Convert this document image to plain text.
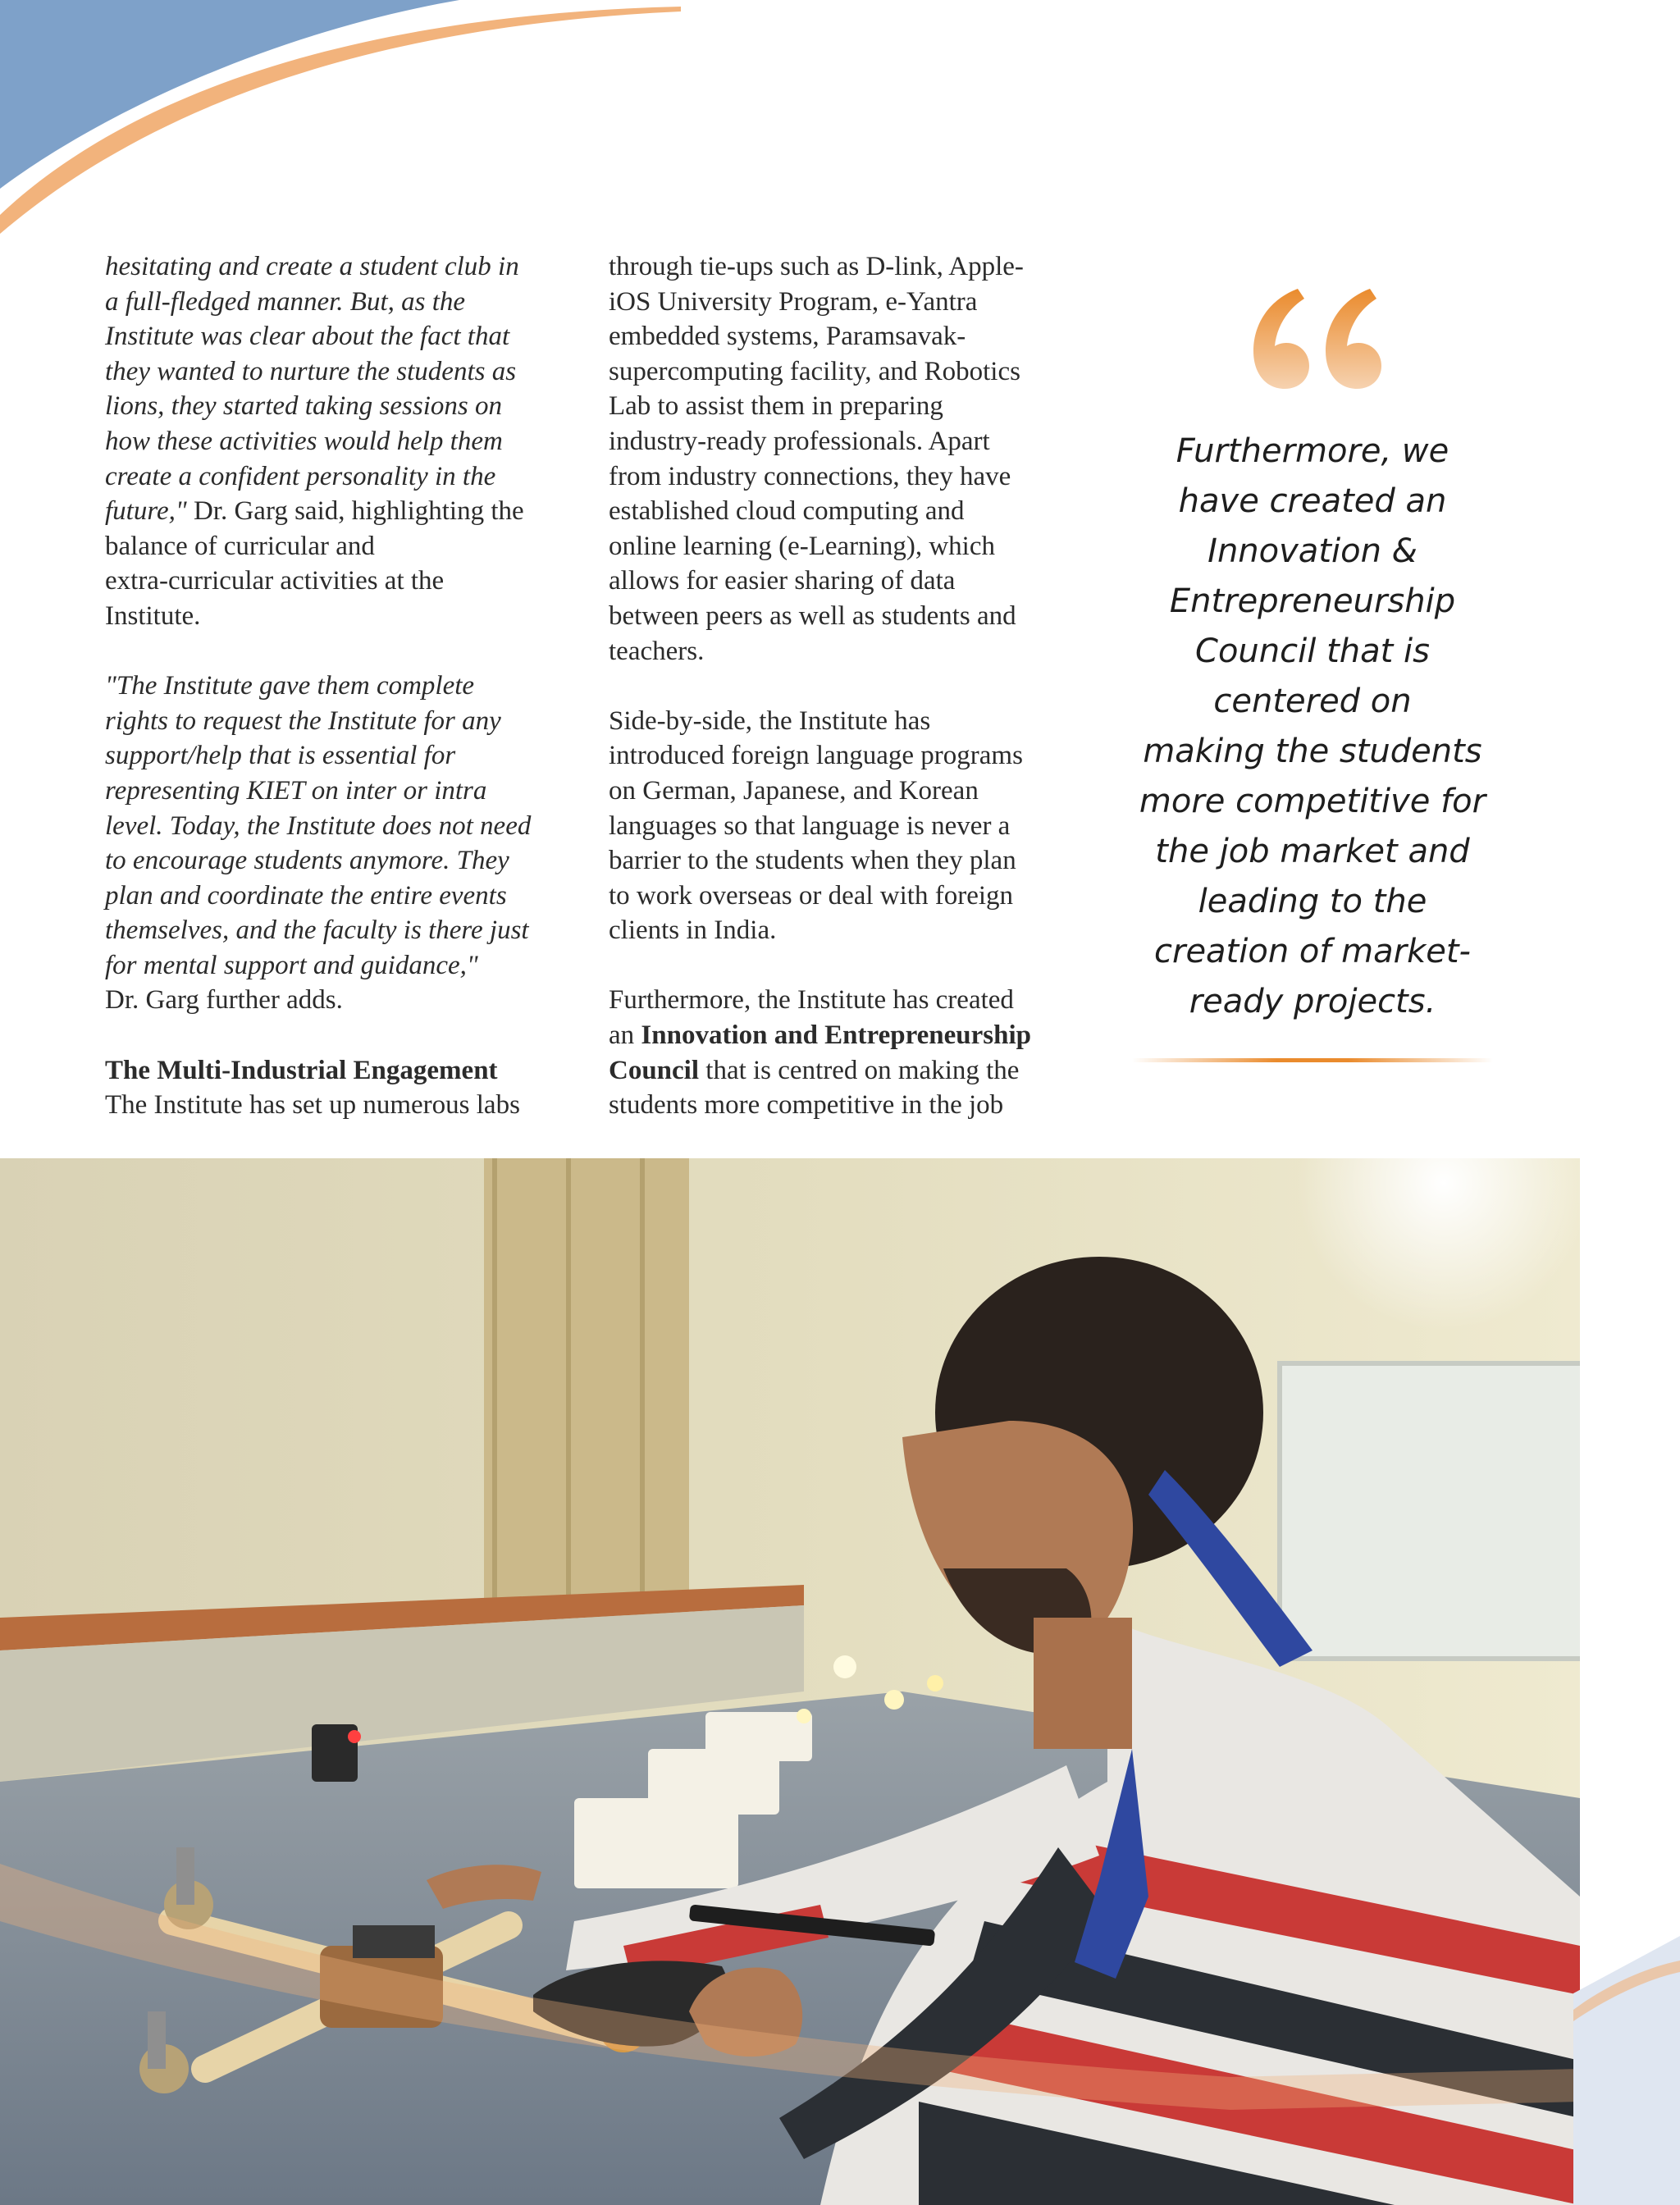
hesitating and create a student club in
a full-fledged manner. But, as the
Institute was clear about the fact that
they wanted to nurture the students as
lions, they started taking sessions on
how these activities would help them
create a confident personality in the
future," Dr. Garg said, highlighting the
balance of curricular and
extra-curricular activities at the
Institute.

"The Institute gave them complete
rights to request the Institute for any
support/help that is essential for
representing KIET on inter or intra
level. Today, the Institute does not need
to encourage students anymore. They
plan and coordinate the entire events
themselves, and the faculty is there just
for mental support and guidance,"
Dr. Garg further adds.

The Multi-Industrial Engagement
The Institute has set up numerous labs

through tie-ups such as D-link, Apple-
iOS University Program, e-Yantra
embedded systems, Paramsavak-
supercomputing facility, and Robotics
Lab to assist them in preparing
industry-ready professionals. Apart
from industry connections, they have
established cloud computing and
online learning (e-Learning), which
allows for easier sharing of data
between peers as well as students and
teachers.

Side-by-side, the Institute has
introduced foreign language programs
on German, Japanese, and Korean
languages so that language is never a
barrier to the students when they plan
to work overseas or deal with foreign
clients in India.

Furthermore, the Institute has created
an Innovation and Entrepreneurship
Council that is centred on making the
students more competitive in the job

Furthermore, we
have created an
Innovation &
Entrepreneurship
Council that is
centered on
making the students
more competitive for
the job market and
leading to the
creation of market-
ready projects.
